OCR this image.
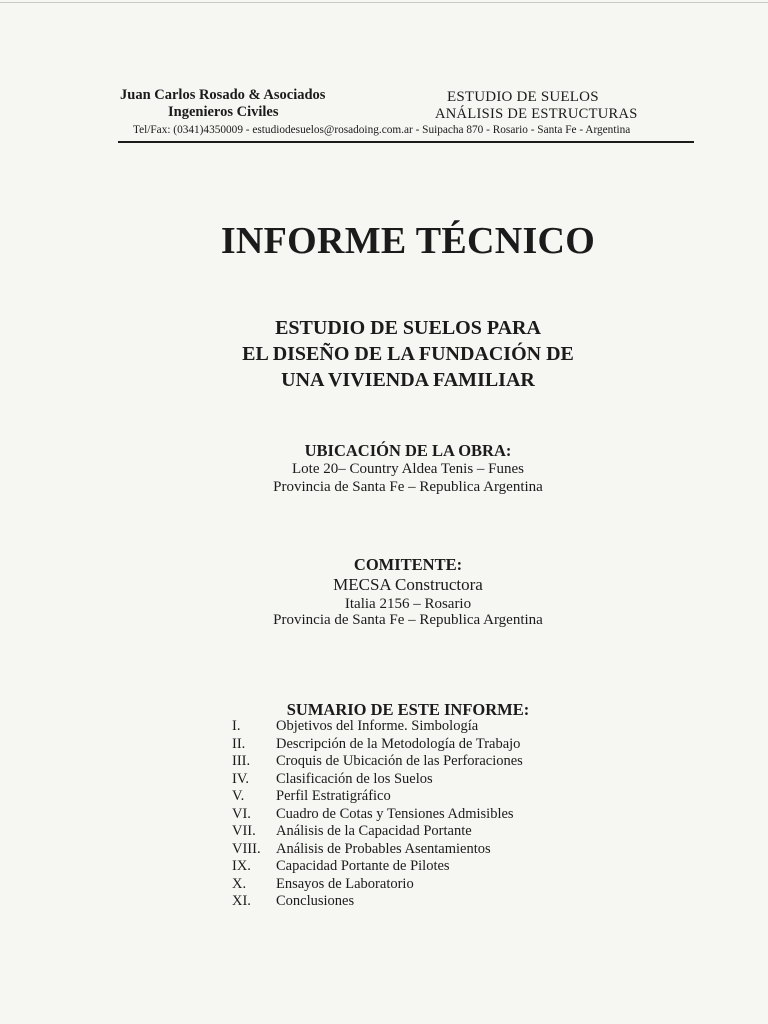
Juan Carlos Rosado & Asociados
Ingenieros Civiles
ESTUDIO DE SUELOS
ANÁLISIS DE ESTRUCTURAS
Tel/Fax: (0341)4350009 - estudiodesuelos@rosadoing.com.ar - Suipacha 870 - Rosario - Santa Fe - Argentina
INFORME TÉCNICO
ESTUDIO DE SUELOS PARA
EL DISEÑO DE LA FUNDACIÓN DE
UNA VIVIENDA FAMILIAR
UBICACIÓN DE LA OBRA:
Lote 20– Country Aldea Tenis – Funes
Provincia de Santa Fe – Republica Argentina
COMITENTE:
MECSA Constructora
Italia 2156 – Rosario
Provincia de Santa Fe – Republica Argentina
SUMARIO DE ESTE INFORME:
I. Objetivos del Informe. Simbología
II. Descripción de la Metodología de Trabajo
III. Croquis de Ubicación de las Perforaciones
IV. Clasificación de los Suelos
V. Perfil Estratigráfico
VI. Cuadro de Cotas y Tensiones Admisibles
VII. Análisis de la Capacidad Portante
VIII. Análisis de Probables Asentamientos
IX. Capacidad Portante de Pilotes
X. Ensayos de Laboratorio
XI. Conclusiones
